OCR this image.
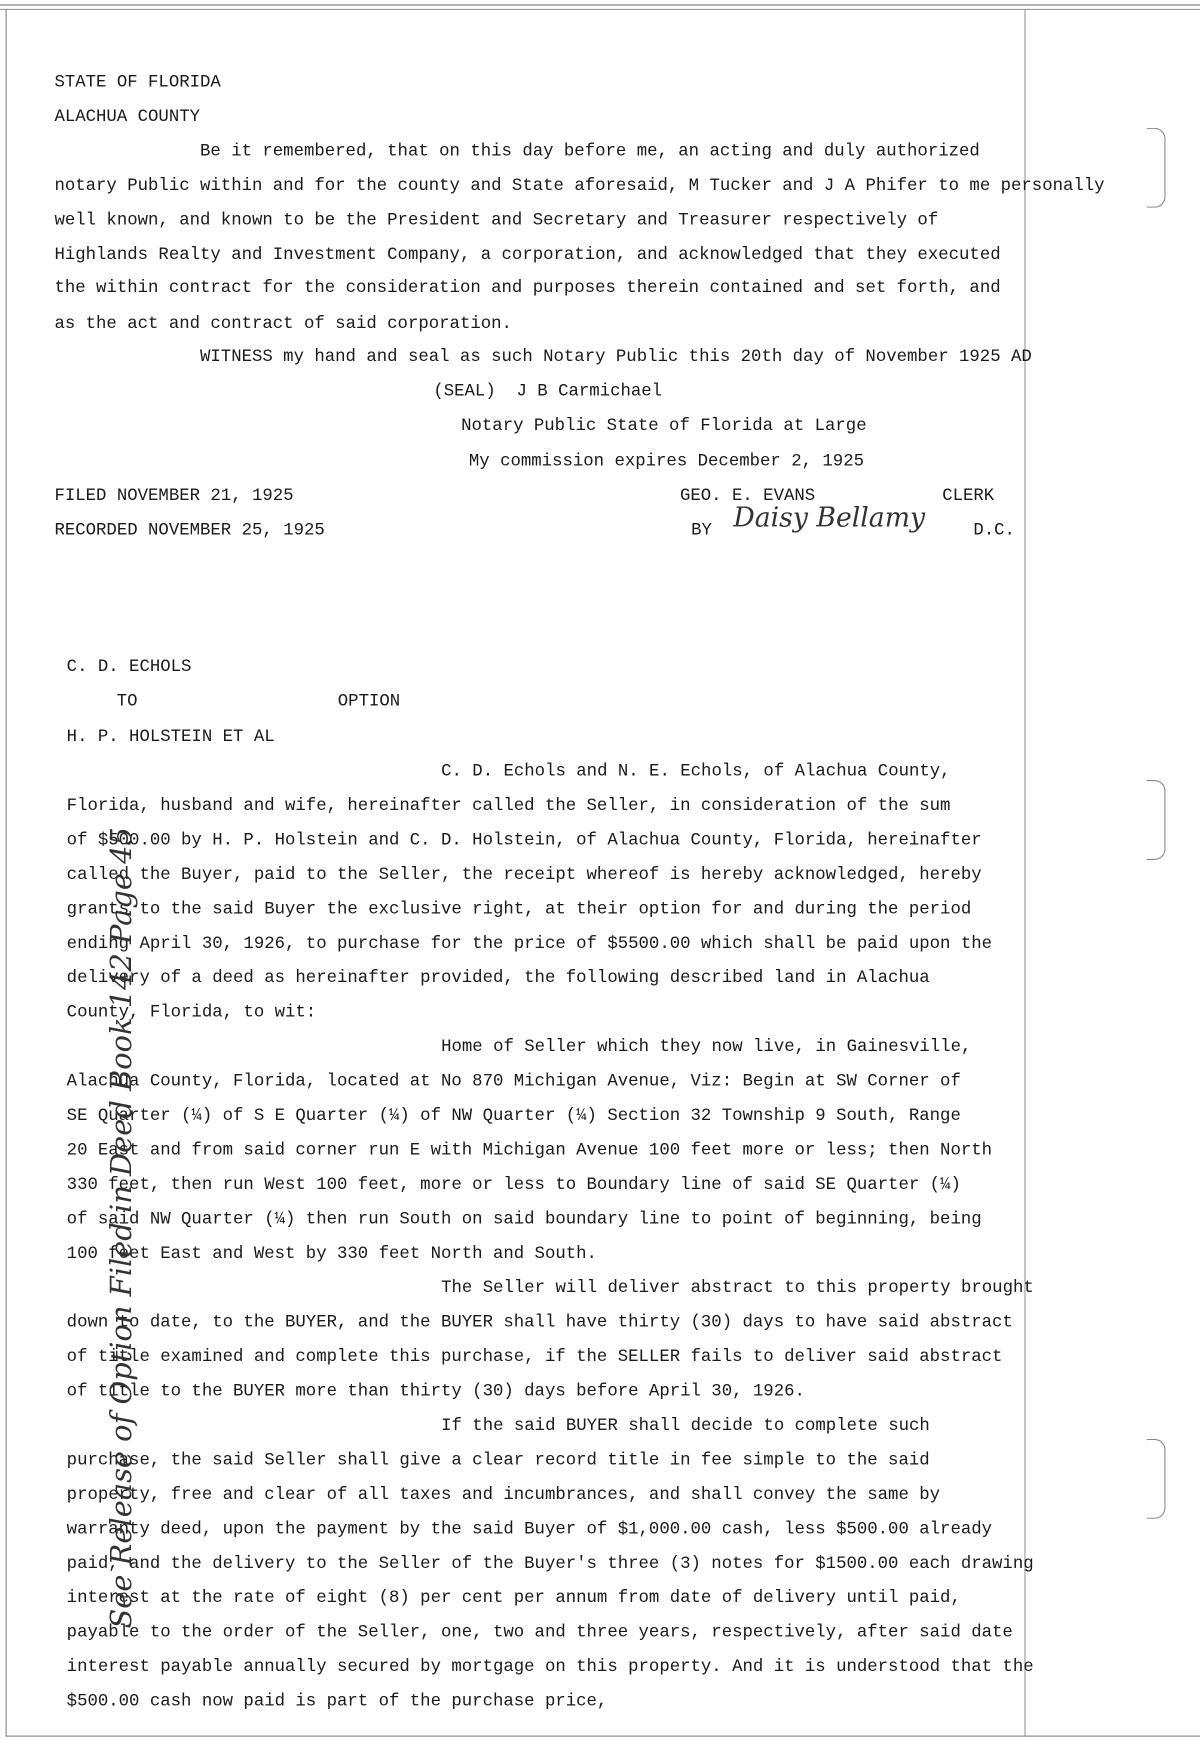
STATE OF FLORIDA
ALACHUA COUNTY
Be it remembered, that on this day before me, an acting and duly authorized
notary Public within and for the county and State aforesaid, M Tucker and J A Phifer to me personally
well known, and known to be the President and Secretary and Treasurer respectively of
Highlands Realty and Investment Company, a corporation, and acknowledged that they executed
the within contract for the consideration and purposes therein contained and set forth, and
as the act and contract of said corporation.
WITNESS my hand and seal as such Notary Public this 20th day of November 1925 AD
(SEAL)  J B Carmichael
Notary Public State of Florida at Large
My commission expires December 2, 1925
FILED NOVEMBER 21, 1925	GEO. E. EVANS	CLERK
RECORDED NOVEMBER 25, 1925	BY	D.C.
C. D. ECHOLS
TO	OPTION
H. P. HOLSTEIN ET AL
C. D. Echols and N. E. Echols, of Alachua County,
Florida, husband and wife, hereinafter called the Seller, in consideration of the sum
of $500.00 by H. P. Holstein and C. D. Holstein, of Alachua County, Florida, hereinafter
called the Buyer, paid to the Seller, the receipt whereof is hereby acknowledged, hereby
grants to the said Buyer the exclusive right, at their option for and during the period
ending April 30, 1926, to purchase for the price of $5500.00 which shall be paid upon the
delivery of a deed as hereinafter provided, the following described land in Alachua
County, Florida, to wit:
Home of Seller which they now live, in Gainesville,
Alachua County, Florida, located at No 870 Michigan Avenue, Viz: Begin at SW Corner of
SE Quarter (¼) of S E Quarter (¼) of NW Quarter (¼) Section 32 Township 9 South, Range
20 East and from said corner run E with Michigan Avenue 100 feet more or less; then North
330 feet, then run West 100 feet, more or less to Boundary line of said SE Quarter (¼)
of said NW Quarter (¼) then run South on said boundary line to point of beginning, being
100 feet East and West by 330 feet North and South.
The Seller will deliver abstract to this property brought
down to date, to the BUYER, and the BUYER shall have thirty (30) days to have said abstract
of title examined and complete this purchase, if the SELLER fails to deliver said abstract
of title to the BUYER more than thirty (30) days before April 30, 1926.
If the said BUYER shall decide to complete such
purchase, the said Seller shall give a clear record title in fee simple to the said
property, free and clear of all taxes and incumbrances, and shall convey the same by
warranty deed, upon the payment by the said Buyer of $1,000.00 cash, less $500.00 already
paid, and the delivery to the Seller of the Buyer's three (3) notes for $1500.00 each drawing
interest at the rate of eight (8) per cent per annum from date of delivery until paid,
payable to the order of the Seller, one, two and three years, respectively, after said date
interest payable annually secured by mortgage on this property. And it is understood that the
$500.00 cash now paid is part of the purchase price,
Daisy Bellamy
See Release of Option Filed in Deed Book 142 Page 45
